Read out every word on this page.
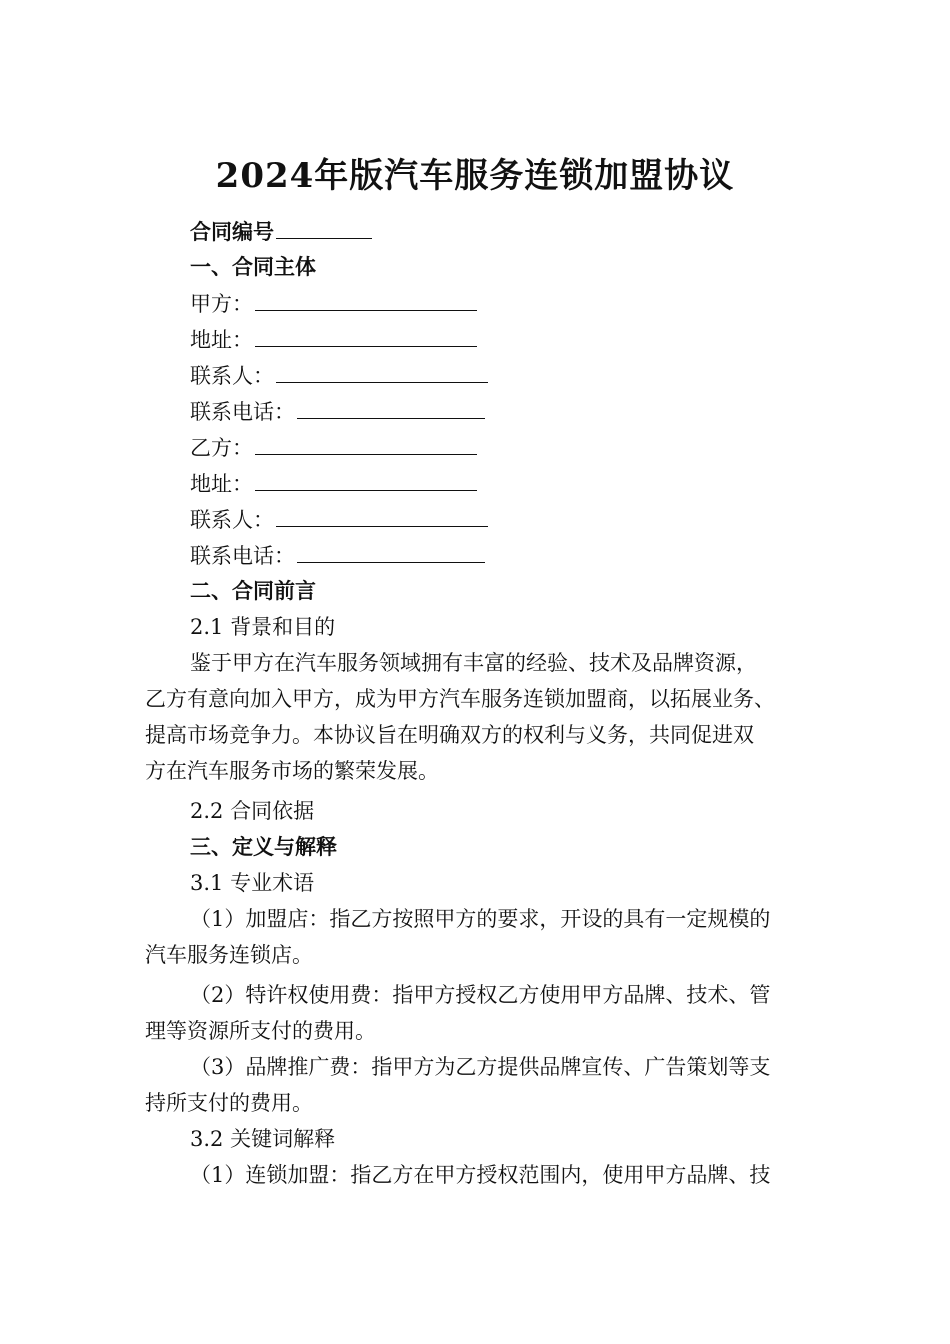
2024年版汽车服务连锁加盟协议
合同编号
一、合同主体
甲方：
地址：
联系人：
联系电话：
乙方：
地址：
联系人：
联系电话：
二、合同前言
2.1 背景和目的
鉴于甲方在汽车服务领域拥有丰富的经验、技术及品牌资源，
乙方有意向加入甲方，成为甲方汽车服务连锁加盟商，以拓展业务、
提高市场竞争力。本协议旨在明确双方的权利与义务，共同促进双
方在汽车服务市场的繁荣发展。
2.2 合同依据
三、定义与解释
3.1 专业术语
（1）加盟店：指乙方按照甲方的要求，开设的具有一定规模的
汽车服务连锁店。
（2）特许权使用费：指甲方授权乙方使用甲方品牌、技术、管
理等资源所支付的费用。
（3）品牌推广费：指甲方为乙方提供品牌宣传、广告策划等支
持所支付的费用。
3.2 关键词解释
（1）连锁加盟：指乙方在甲方授权范围内，使用甲方品牌、技
